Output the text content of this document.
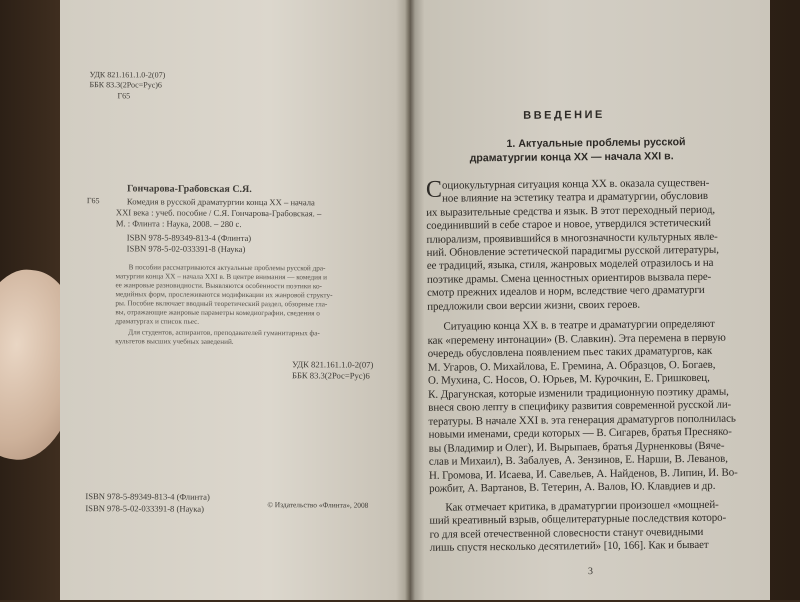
УДК 821.161.1.0-2(07)
ББК 83.3(2Рос=Рус)6
Г65
Гончарова-Грабовская С.Я.
Г65	Комедия в русской драматургии конца XX – начала
XXI века : учеб. пособие / С.Я. Гончарова-Грабовская. –
М. : Флинта : Наука, 2008. – 280 с.
ISBN 978-5-89349-813-4 (Флинта)
ISBN 978-5-02-033391-8 (Наука)
В пособии рассматриваются актуальные проблемы русской дра-
матургии конца XX – начала XXI в. В центре внимания — комедия и
ее жанровые разновидности. Выявляются особенности поэтики ко-
медийных форм, прослеживаются модификации их жанровой структу-
ры. Пособие включает вводный теоретический раздел, обзорные гла-
вы, отражающие жанровые параметры комедиографии, сведения о
драматургах и список пьес.
Для студентов, аспирантов, преподавателей гуманитарных фа-
культетов высших учебных заведений.
УДК 821.161.1.0-2(07)
ББК 83.3(2Рос=Рус)6
ISBN 978-5-89349-813-4 (Флинта)
ISBN 978-5-02-033391-8 (Наука)	© Издательство «Флинта», 2008
ВВЕДЕНИЕ
1. Актуальные проблемы русской
драматургии конца XX — начала XXI в.
С оциокультурная ситуация конца XX в. оказала существен-
ное влияние на эстетику театра и драматургии, обусловив
их выразительные средства и язык. В этот переходный период,
соединивший в себе старое и новое, утвердился эстетический
плюрализм, проявившийся в многозначности культурных явле-
ний. Обновление эстетической парадигмы русской литературы,
ее традиций, языка, стиля, жанровых моделей отразилось и на
поэтике драмы. Смена ценностных ориентиров вызвала пере-
смотр прежних идеалов и норм, вследствие чего драматурги
предложили свои версии жизни, своих героев.
Ситуацию конца XX в. в театре и драматургии определяют
как «перемену интонации» (В. Славкин). Эта перемена в первую
очередь обусловлена появлением пьес таких драматургов, как
М. Угаров, О. Михайлова, Е. Гремина, А. Образцов, О. Богаев,
О. Мухина, С. Носов, О. Юрьев, М. Курочкин, Е. Гришковец,
К. Драгунская, которые изменили традиционную поэтику драмы,
внеся свою лепту в специфику развития современной русской ли-
тературы. В начале XXI в. эта генерация драматургов пополнилась
новыми именами, среди которых — В. Сигарев, братья Пресняко-
вы (Владимир и Олег), И. Вырыпаев, братья Дурненковы (Вяче-
слав и Михаил), В. Забалуев, А. Зензинов, Е. Нарши, В. Леванов,
Н. Громова, И. Исаева, И. Савельев, А. Найденов, В. Липин, И. Во-
рожбит, А. Вартанов, В. Тетерин, А. Валов, Ю. Клавдиев и др.
Как отмечает критика, в драматургии произошел «мощней-
ший креативный взрыв, общелитературные последствия которо-
го для всей отечественной словесности станут очевидными
лишь спустя несколько десятилетий» [10, 166]. Как и бывает
3
